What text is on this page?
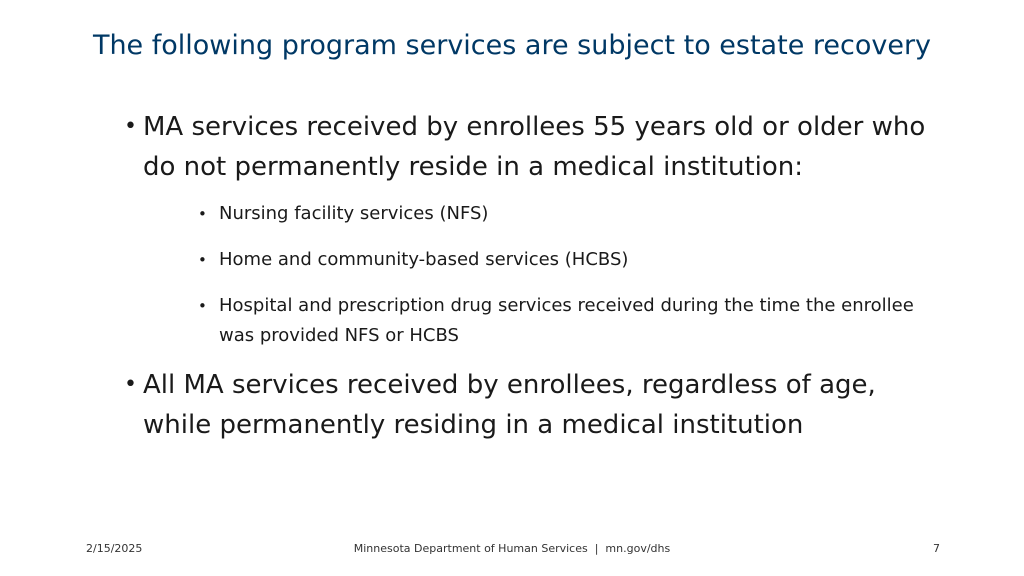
The following program services are subject to estate recovery
• MA services received by enrollees 55 years old or older who do not permanently reside in a medical institution:
• Nursing facility services (NFS)
• Home and community-based services (HCBS)
• Hospital and prescription drug services received during the time the enrollee was provided NFS or HCBS
• All MA services received by enrollees, regardless of age, while permanently residing in a medical institution
2/15/2025	Minnesota Department of Human Services  |  mn.gov/dhs	7
